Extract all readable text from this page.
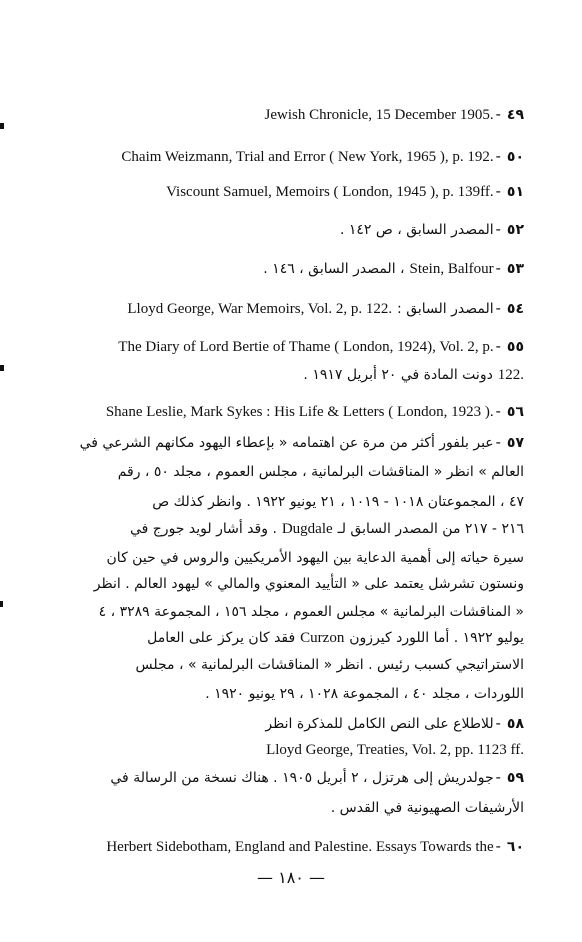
٤٩-Jewish Chronicle, 15 December 1905.
٥٠-Chaim Weizmann, Trial and Error ( New York, 1965 ), p. 192.
٥١-Viscount Samuel, Memoirs ( London, 1945 ), p. 139ff.
٥٢-المصدر السابق ، ص ١٤٢ .
٥٣-Stein, Balfour ، المصدر السابق ، ١٤٦ .
٥٤-المصدر السابق : Lloyd George, War Memoirs, Vol. 2, p. 122.
٥٥-The Diary of Lord Bertie of Thame ( London, 1924), Vol. 2, p.
122. دونت المادة في ٢٠ أبريل ١٩١٧ .
٥٦-Shane Leslie, Mark Sykes : His Life & Letters ( London, 1923 ).
٥٧-عبر بلفور أكثر من مرة عن اهتمامه « بإعطاء اليهود مكانهم الشرعي في
العالم » انظر « المناقشات البرلمانية ، مجلس العموم ، مجلد ٥٠ ، رقم
٤٧ ، المجموعتان ١٠١٨ - ١٠١٩ ، ٢١ يونيو ١٩٢٢ . وانظر كذلك ص
٢١٦ - ٢١٧ من المصدر السابق لـ Dugdale . وقد أشار لويد جورج في
سيرة حياته إلى أهمية الدعاية بين اليهود الأمريكيين والروس في حين كان
ونستون تشرشل يعتمد على « التأييد المعنوي والمالي » ليهود العالم . انظر
« المناقشات البرلمانية » مجلس العموم ، مجلد ١٥٦ ، المجموعة ٣٢٨٩ ، ٤
يوليو ١٩٢٢ . أما اللورد كيرزون Curzon فقد كان يركز على العامل
الاستراتيجي كسبب رئيس . انظر « المناقشات البرلمانية » ، مجلس
اللوردات ، مجلد ٤٠ ، المجموعة ١٠٢٨ ، ٢٩ يونيو ١٩٢٠ .
٥٨-للاطلاع على النص الكامل للمذكرة انظر
Lloyd George, Treaties, Vol. 2, pp. 1123 ff.
٥٩-جولدريش إلى هرتزل ، ٢ أبريل ١٩٠٥ . هناك نسخة من الرسالة في
الأرشيفات الصهيونية في القدس .
٦٠-Herbert Sidebotham, England and Palestine. Essays Towards the
— ١٨٠ —
